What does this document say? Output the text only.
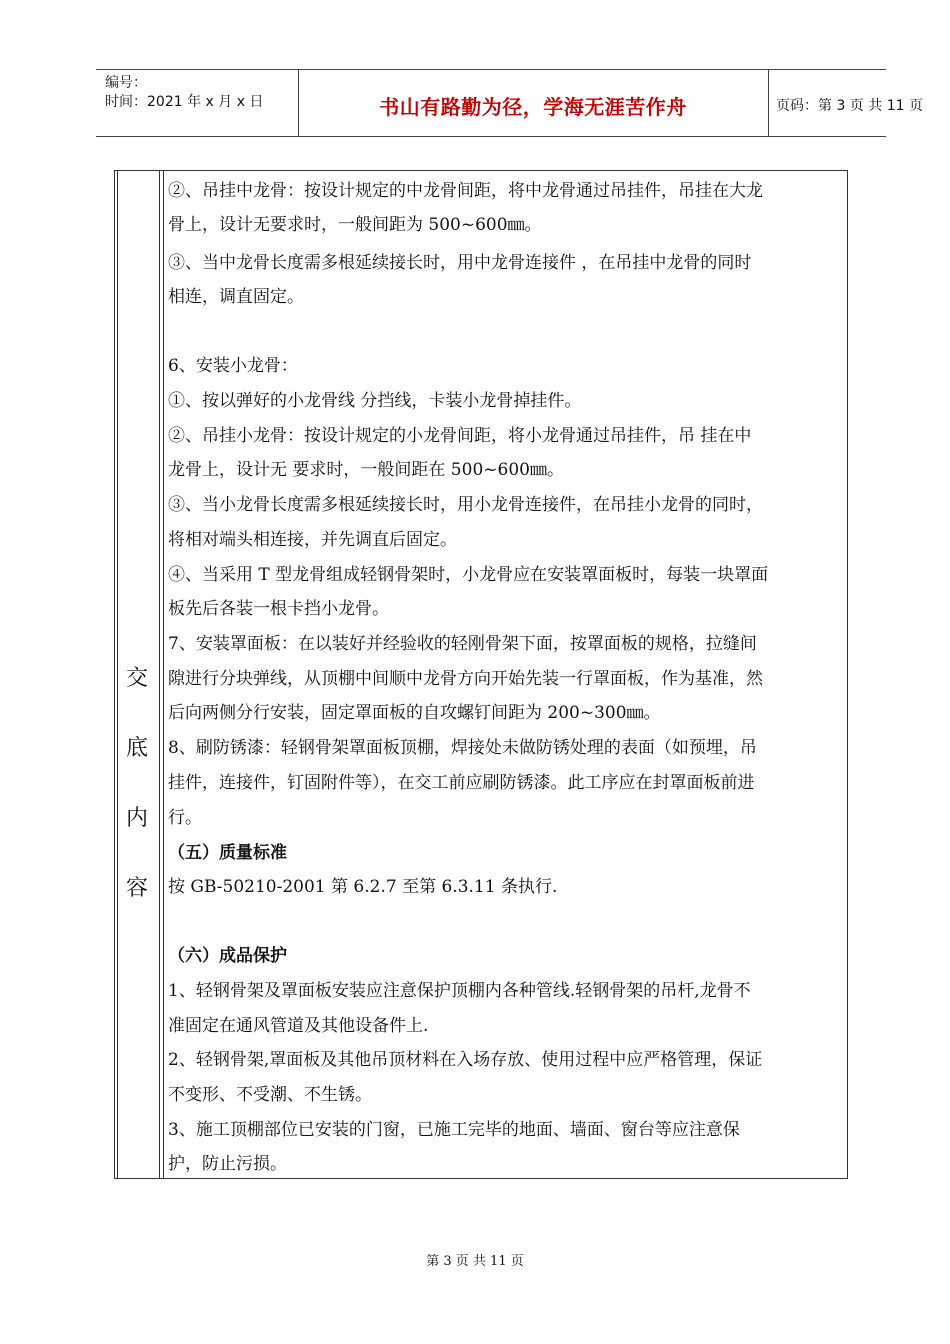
编号：
时间：2021 年 x 月 x 日	书山有路勤为径，学海无涯苦作舟	页码：第 3 页 共 11 页
交
底
内
容
②、吊挂中龙骨：按设计规定的中龙骨间距，将中龙骨通过吊挂件，吊挂在大龙
骨上，设计无要求时，一般间距为 500~600㎜。
③、当中龙骨长度需多根延续接长时，用中龙骨连接件 ，在吊挂中龙骨的同时
相连，调直固定。
6、安装小龙骨：
①、按以弹好的小龙骨线 分挡线，卡装小龙骨掉挂件。
②、吊挂小龙骨：按设计规定的小龙骨间距，将小龙骨通过吊挂件，吊 挂在中
龙骨上，设计无 要求时，一般间距在 500~600㎜。
③、当小龙骨长度需多根延续接长时，用小龙骨连接件，在吊挂小龙骨的同时，
将相对端头相连接，并先调直后固定。
④、当采用 T 型龙骨组成轻钢骨架时，小龙骨应在安装罩面板时，每装一块罩面
板先后各装一根卡挡小龙骨。
7、安装罩面板：在以装好并经验收的轻刚骨架下面，按罩面板的规格，拉缝间
隙进行分块弹线，从顶棚中间顺中龙骨方向开始先装一行罩面板，作为基准，然
后向两侧分行安装，固定罩面板的自攻螺钉间距为 200~300㎜。
8、刷防锈漆：轻钢骨架罩面板顶棚，焊接处未做防锈处理的表面（如预埋，吊
挂件，连接件，钉固附件等），在交工前应刷防锈漆。此工序应在封罩面板前进
行。
（五）质量标准
按 GB-50210-2001 第 6.2.7 至第 6.3.11 条执行.
（六）成品保护
1、轻钢骨架及罩面板安装应注意保护顶棚内各种管线.轻钢骨架的吊杆,龙骨不
准固定在通风管道及其他设备件上.
2、轻钢骨架,罩面板及其他吊顶材料在入场存放、使用过程中应严格管理，保证
不变形、不受潮、不生锈。
3、施工顶棚部位已安装的门窗，已施工完毕的地面、墙面、窗台等应注意保
护，防止污损。
第 3 页 共 11 页
